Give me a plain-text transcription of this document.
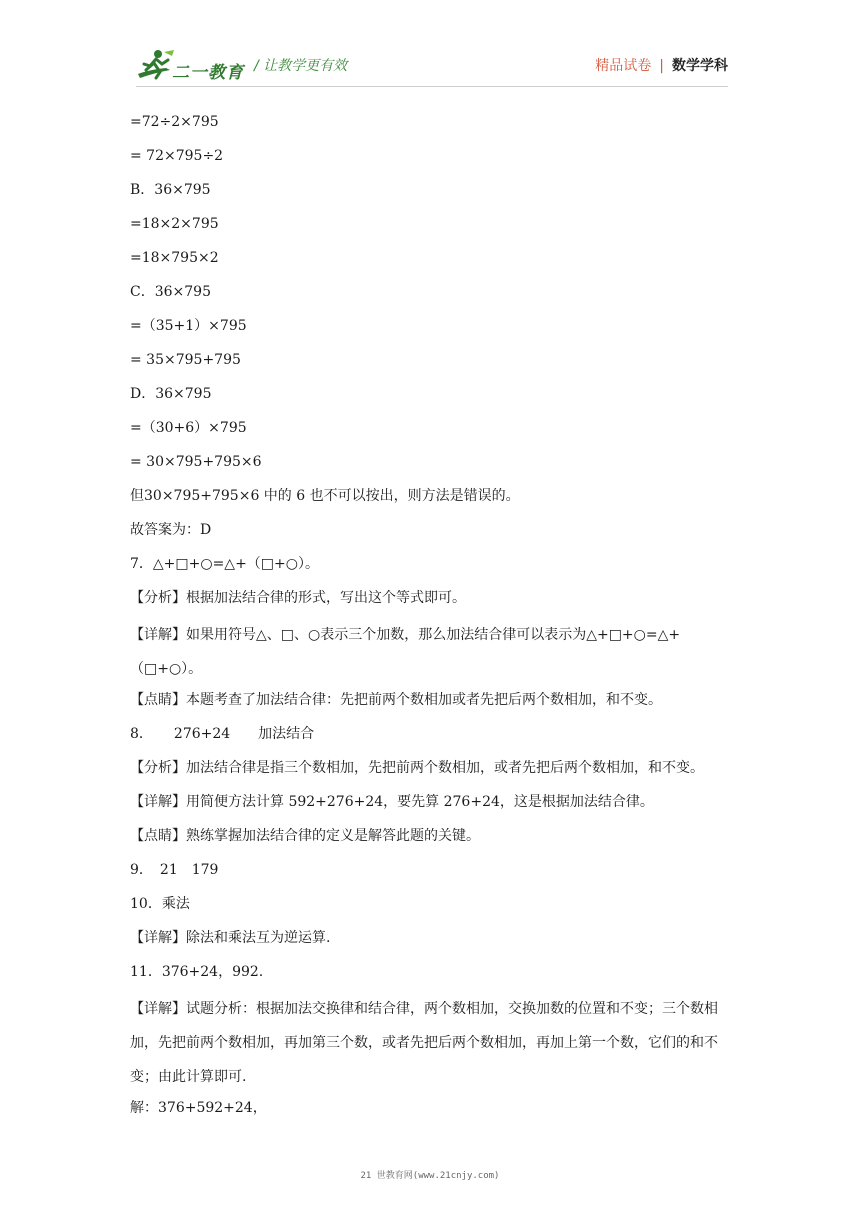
二一教育 / 让教学更有效	精品试卷 | 数学学科
=72÷2×795
= 72×795÷2
B．36×795
=18×2×795
=18×795×2
C．36×795
=（35+1）×795
= 35×795+795
D．36×795
=（30+6）×795
= 30×795+795×6
但30×795+795×6 中的 6 也不可以按出，则方法是错误的。
故答案为：D
7．△+□+○=△+（□+○）。
【分析】根据加法结合律的形式，写出这个等式即可。
【详解】如果用符号△、□、○表示三个加数，那么加法结合律可以表示为△+□+○=△+（□+○）。
【点睛】本题考查了加法结合律：先把前两个数相加或者先把后两个数相加，和不变。
8．　　276+24　　加法结合
【分析】加法结合律是指三个数相加，先把前两个数相加，或者先把后两个数相加，和不变。
【详解】用简便方法计算 592+276+24，要先算 276+24，这是根据加法结合律。
【点睛】熟练掌握加法结合律的定义是解答此题的关键。
9．　21　179
10．乘法
【详解】除法和乘法互为逆运算.
11．376+24，992.
【详解】试题分析：根据加法交换律和结合律，两个数相加，交换加数的位置和不变；三个数相加，先把前两个数相加，再加第三个数，或者先把后两个数相加，再加上第一个数，它们的和不变；由此计算即可.
解：376+592+24，
21 世教育网(www.21cnjy.com)
